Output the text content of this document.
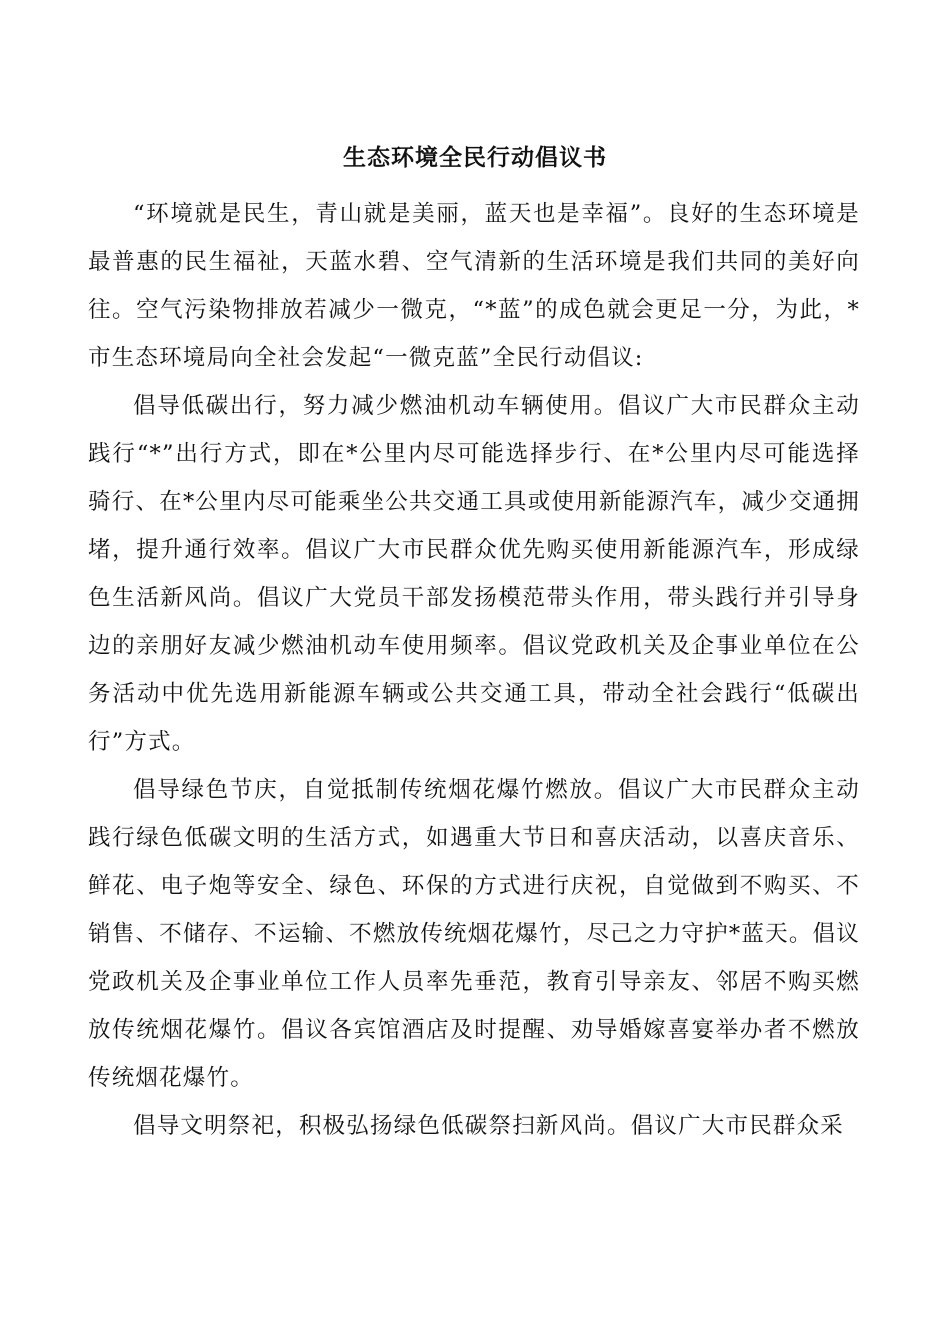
生态环境全民行动倡议书

“环境就是民生，青山就是美丽，蓝天也是幸福”。良好的生态环境是最普惠的民生福祉，天蓝水碧、空气清新的生活环境是我们共同的美好向往。空气污染物排放若减少一微克，“*蓝”的成色就会更足一分，为此，*市生态环境局向全社会发起“一微克蓝”全民行动倡议:

倡导低碳出行，努力减少燃油机动车辆使用。倡议广大市民群众主动践行“*”出行方式，即在*公里内尽可能选择步行、在*公里内尽可能选择骑行、在*公里内尽可能乘坐公共交通工具或使用新能源汽车，减少交通拥堵，提升通行效率。倡议广大市民群众优先购买使用新能源汽车，形成绿色生活新风尚。倡议广大党员干部发扬模范带头作用，带头践行并引导身边的亲朋好友减少燃油机动车使用频率。倡议党政机关及企事业单位在公务活动中优先选用新能源车辆或公共交通工具，带动全社会践行“低碳出行”方式。

倡导绿色节庆，自觉抵制传统烟花爆竹燃放。倡议广大市民群众主动践行绿色低碳文明的生活方式，如遇重大节日和喜庆活动，以喜庆音乐、鲜花、电子炮等安全、绿色、环保的方式进行庆祝，自觉做到不购买、不销售、不储存、不运输、不燃放传统烟花爆竹，尽己之力守护*蓝天。倡议党政机关及企事业单位工作人员率先垂范，教育引导亲友、邻居不购买燃放传统烟花爆竹。倡议各宾馆酒店及时提醒、劝导婚嫁喜宴举办者不燃放传统烟花爆竹。

倡导文明祭祀，积极弘扬绿色低碳祭扫新风尚。倡议广大市民群众采
